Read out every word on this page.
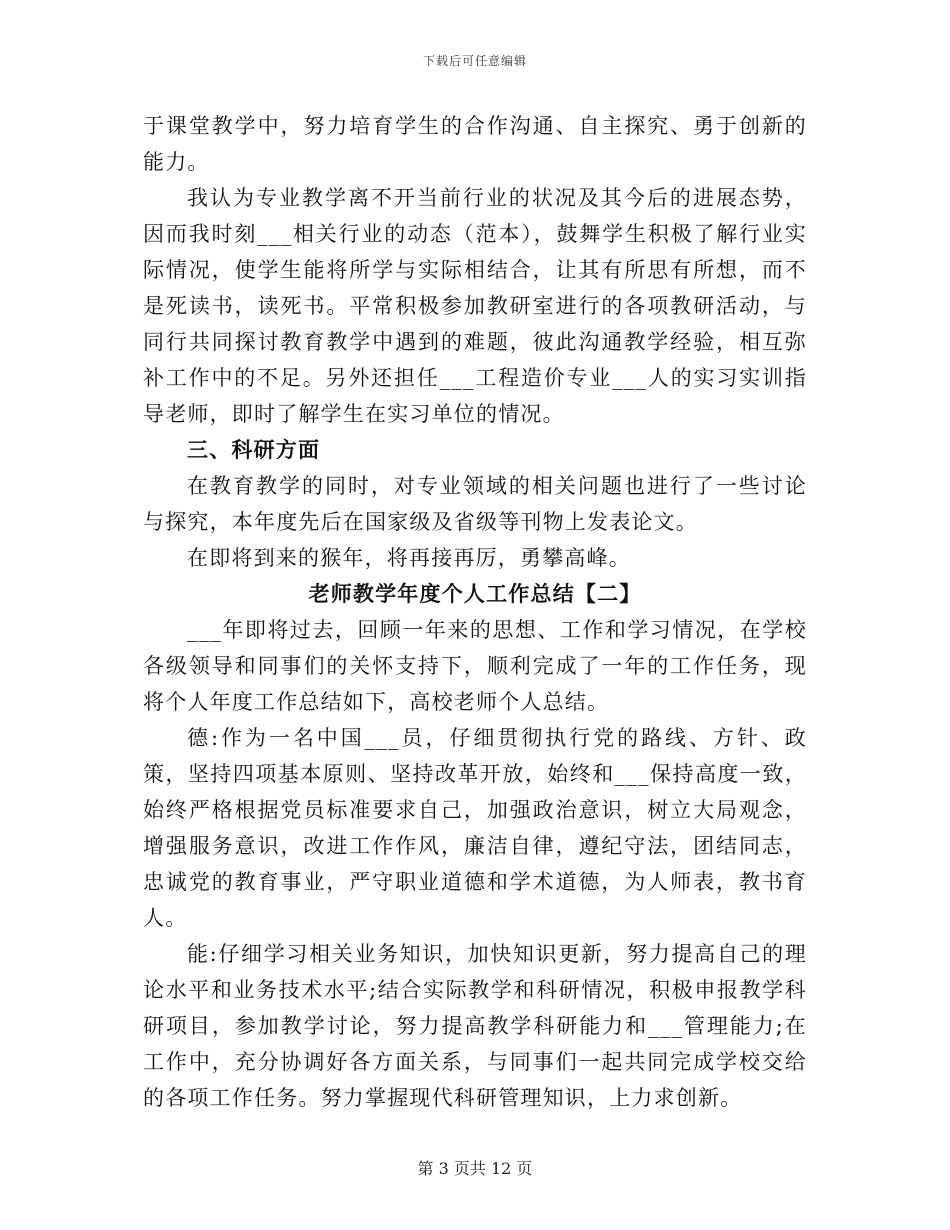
下载后可任意编辑

于课堂教学中，努力培育学生的合作沟通、自主探究、勇于创新的能力。

我认为专业教学离不开当前行业的状况及其今后的进展态势，因而我时刻___相关行业的动态（范本），鼓舞学生积极了解行业实际情况，使学生能将所学与实际相结合，让其有所思有所想，而不是死读书，读死书。平常积极参加教研室进行的各项教研活动，与同行共同探讨教育教学中遇到的难题，彼此沟通教学经验，相互弥补工作中的不足。另外还担任___工程造价专业___人的实习实训指导老师，即时了解学生在实习单位的情况。

三、科研方面

在教育教学的同时，对专业领域的相关问题也进行了一些讨论与探究，本年度先后在国家级及省级等刊物上发表论文。

在即将到来的猴年，将再接再厉，勇攀高峰。

老师教学年度个人工作总结【二】

___年即将过去，回顾一年来的思想、工作和学习情况，在学校各级领导和同事们的关怀支持下，顺利完成了一年的工作任务，现将个人年度工作总结如下，高校老师个人总结。

德:作为一名中国___员，仔细贯彻执行党的路线、方针、政策，坚持四项基本原则、坚持改革开放，始终和___保持高度一致，始终严格根据党员标准要求自己，加强政治意识，树立大局观念，增强服务意识，改进工作作风，廉洁自律，遵纪守法，团结同志，忠诚党的教育事业，严守职业道德和学术道德，为人师表，教书育人。

能:仔细学习相关业务知识，加快知识更新，努力提高自己的理论水平和业务技术水平;结合实际教学和科研情况，积极申报教学科研项目，参加教学讨论，努力提高教学科研能力和___管理能力;在工作中，充分协调好各方面关系，与同事们一起共同完成学校交给的各项工作任务。努力掌握现代科研管理知识，上力求创新。

第 3 页共 12 页
